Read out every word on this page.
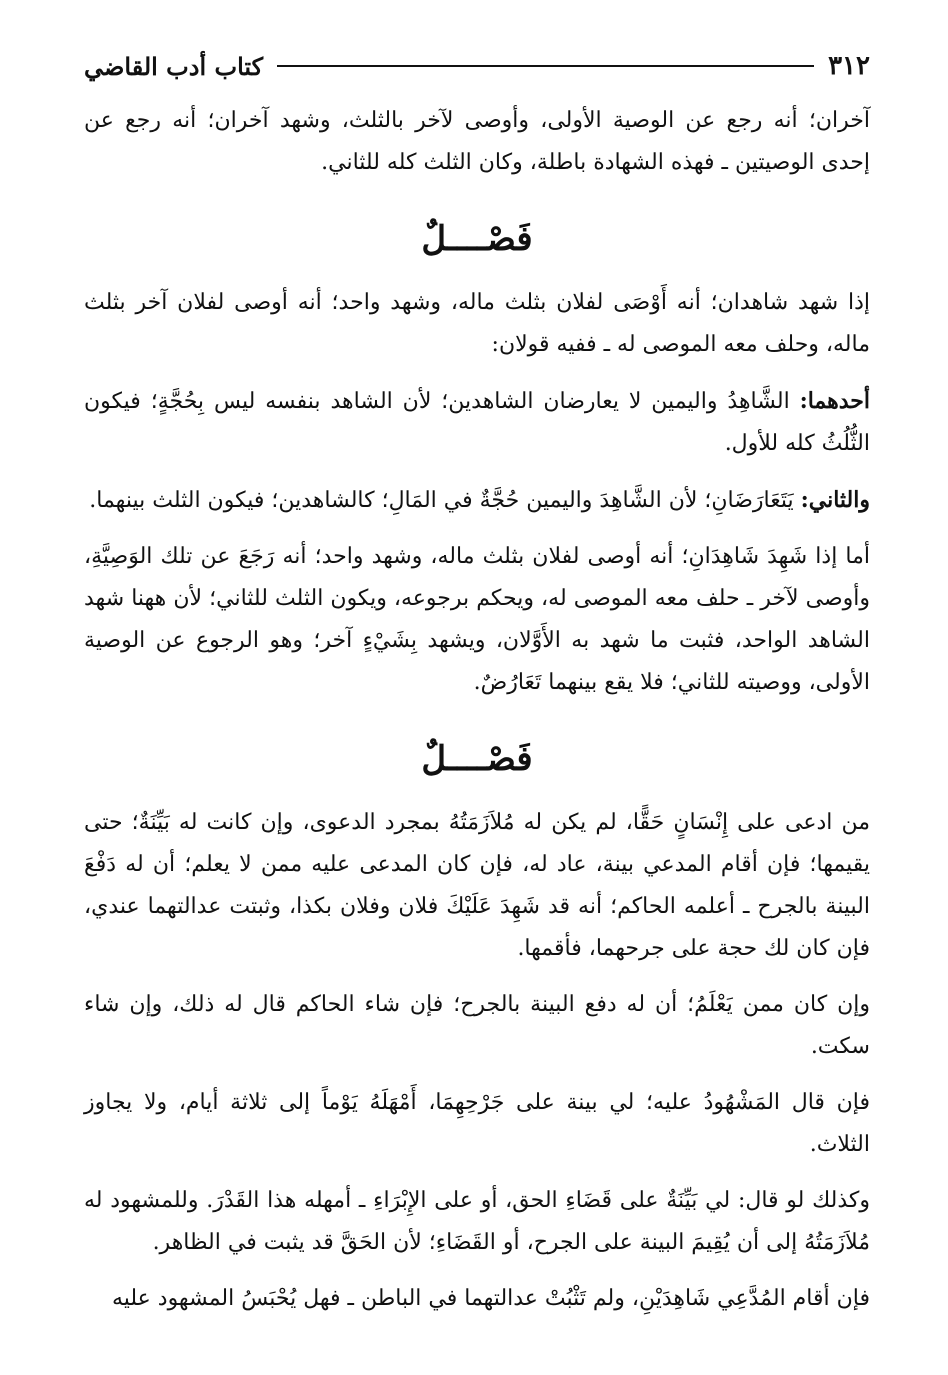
٣١٢
كتاب أدب القاضي

آخران؛ أنه رجع عن الوصية الأولى، وأوصى لآخر بالثلث، وشهد آخران؛ أنه رجع عن إحدى الوصيتين ـ فهذه الشهادة باطلة، وكان الثلث كله للثاني.

فَصْــــلٌ

إذا شهد شاهدان؛ أنه أَوْصَى لفلان بثلث ماله، وشهد واحد؛ أنه أوصى لفلان آخر بثلث ماله، وحلف معه الموصى له ـ ففيه قولان:

أحدهما: الشَّاهِدُ واليمين لا يعارضان الشاهدين؛ لأن الشاهد بنفسه ليس بِحُجَّةٍ؛ فيكون الثُّلُثُ كله للأول.

والثاني: يَتَعَارَضَانِ؛ لأن الشَّاهِدَ واليمين حُجَّةٌ في المَالِ؛ كالشاهدين؛ فيكون الثلث بينهما.

أما إذا شَهِدَ شَاهِدَانِ؛ أنه أوصى لفلان بثلث ماله، وشهد واحد؛ أنه رَجَعَ عن تلك الوَصِيَّةِ، وأوصى لآخر ـ حلف معه الموصى له، ويحكم برجوعه، ويكون الثلث للثاني؛ لأن ههنا شهد الشاهد الواحد، فثبت ما شهد به الأَوَّلان، ويشهد بِشَيْءٍ آخر؛ وهو الرجوع عن الوصية الأولى، ووصيته للثاني؛ فلا يقع بينهما تَعَارُضٌ.

فَصْــــلٌ

من ادعى على إِنْسَانٍ حَقًّا، لم يكن له مُلاَزَمَتُهُ بمجرد الدعوى، وإن كانت له بَيِّنَةٌ؛ حتى يقيمها؛ فإن أقام المدعي بينة، عاد له، فإن كان المدعى عليه ممن لا يعلم؛ أن له دَفْعَ البينة بالجرح ـ أعلمه الحاكم؛ أنه قد شَهِدَ عَلَيْكَ فلان وفلان بكذا، وثبتت عدالتهما عندي، فإن كان لك حجة على جرحهما، فأقمها.

وإن كان ممن يَعْلَمُ؛ أن له دفع البينة بالجرح؛ فإن شاء الحاكم قال له ذلك، وإن شاء سكت.

فإن قال المَشْهُودُ عليه؛ لي بينة على جَرْحِهِمَا، أَمْهَلَهُ يَوْماً إلى ثلاثة أيام، ولا يجاوز الثلاث.

وكذلك لو قال: لي بَيِّنَةٌ على قَضَاءِ الحق، أو على الإِبْرَاءِ ـ أمهله هذا القَدْرَ. وللمشهود له مُلاَزَمَتُهُ إلى أن يُقِيمَ البينة على الجرح، أو القَضَاءِ؛ لأن الحَقَّ قد يثبت في الظاهر.

فإن أقام المُدَّعِي شَاهِدَيْنِ، ولم تَثْبُتْ عدالتهما في الباطن ـ فهل يُحْبَسُ المشهود عليه
